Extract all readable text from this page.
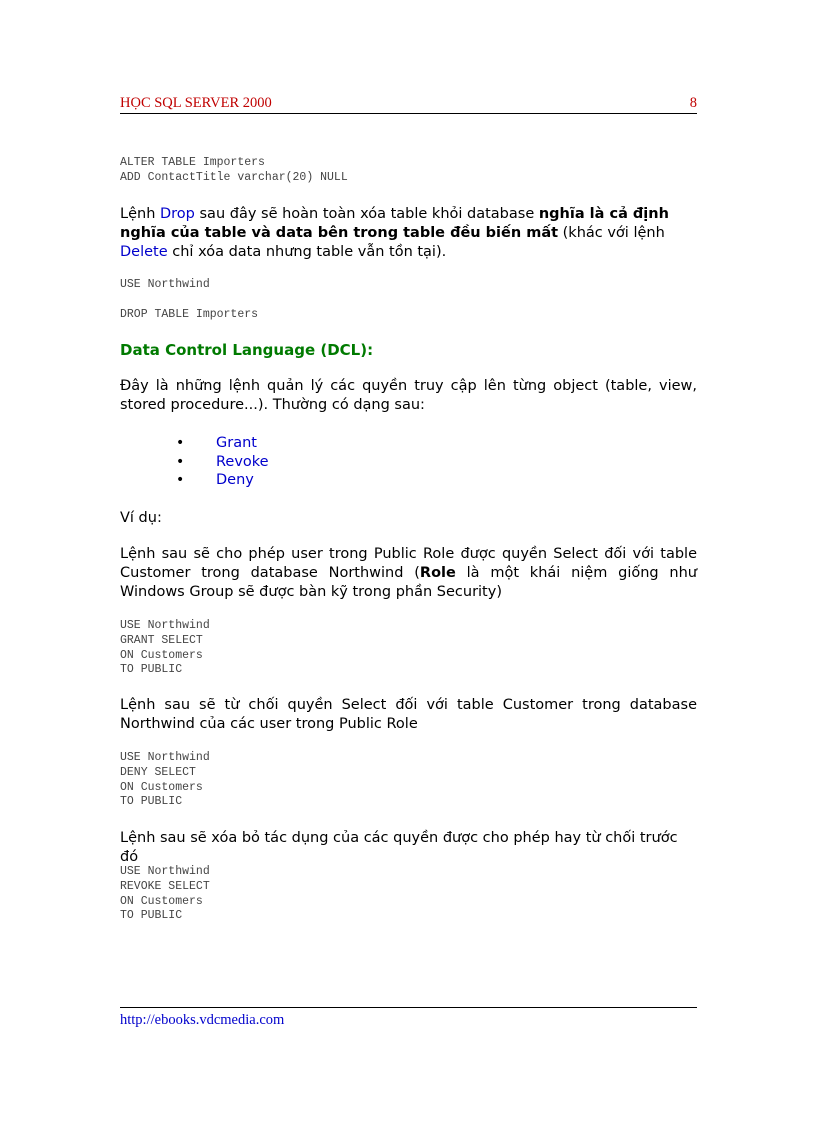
HỌC SQL SERVER 2000	8
ALTER TABLE Importers
ADD ContactTitle varchar(20) NULL
Lệnh Drop sau đây sẽ hoàn toàn xóa table khỏi database nghĩa là cả định nghĩa của table và data bên trong table đều biến mất (khác với lệnh Delete chỉ xóa data nhưng table vẫn tồn tại).
USE Northwind
DROP TABLE Importers
Data Control Language (DCL):
Đây là những lệnh quản lý các quyền truy cập lên từng object (table, view, stored procedure...). Thường có dạng sau:
• Grant
• Revoke
• Deny
Ví dụ:
Lệnh sau sẽ cho phép user trong Public Role được quyền Select đối với table Customer trong database Northwind (Role là một khái niệm giống như Windows Group sẽ được bàn kỹ trong phần Security)
USE Northwind
GRANT SELECT
ON Customers
TO PUBLIC
Lệnh sau sẽ từ chối quyền Select đối với table Customer trong database Northwind của các user trong Public Role
USE Northwind
DENY SELECT
ON Customers
TO PUBLIC
Lệnh sau sẽ xóa bỏ tác dụng của các quyền được cho phép hay từ chối trước đó
USE Northwind
REVOKE SELECT
ON Customers
TO PUBLIC
http://ebooks.vdcmedia.com
